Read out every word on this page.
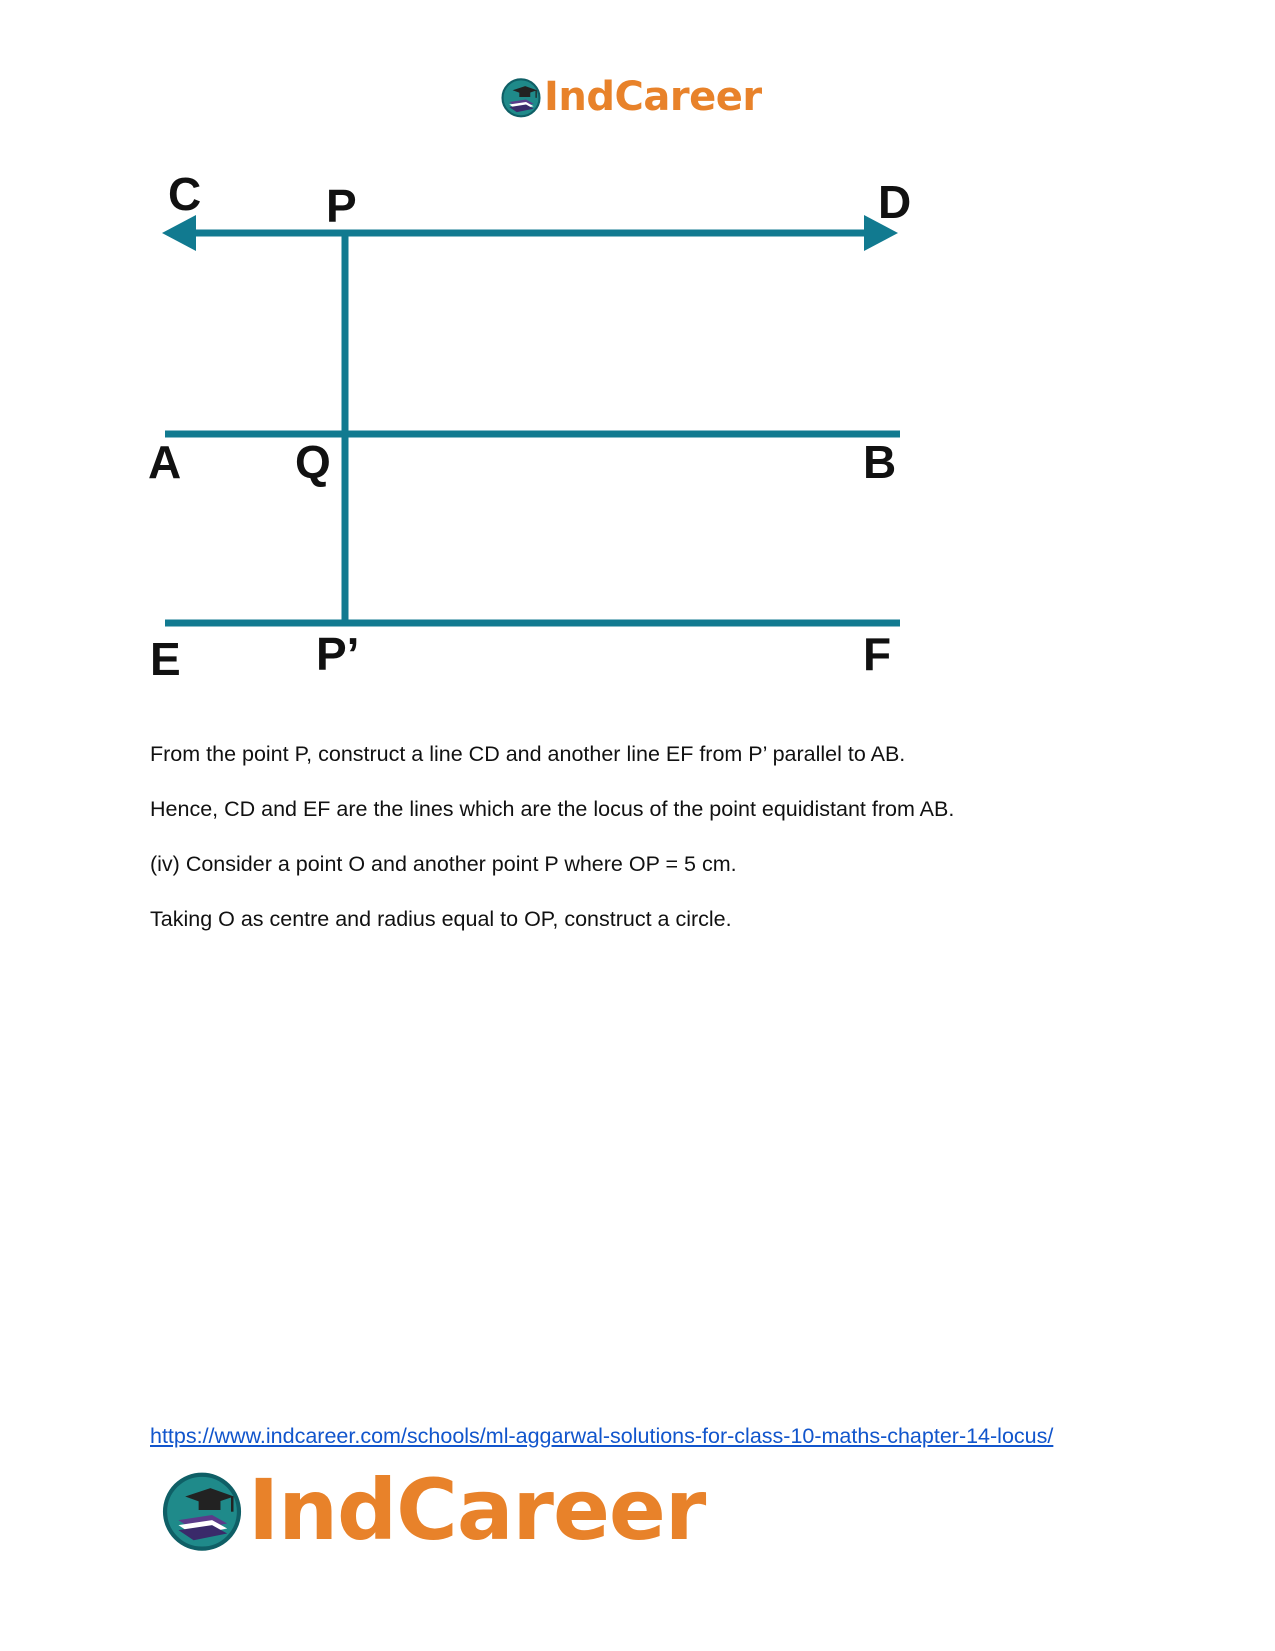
IndCareer
C	P	D
A Q	B
E	P’	F

From the point P, construct a line CD and another line EF from P’ parallel to AB.

Hence, CD and EF are the lines which are the locus of the point equidistant from AB.

(iv) Consider a point O and another point P where OP = 5 cm.

Taking O as centre and radius equal to OP, construct a circle.

https://www.indcareer.com/schools/ml-aggarwal-solutions-for-class-10-maths-chapter-14-locus/
IndCareer
